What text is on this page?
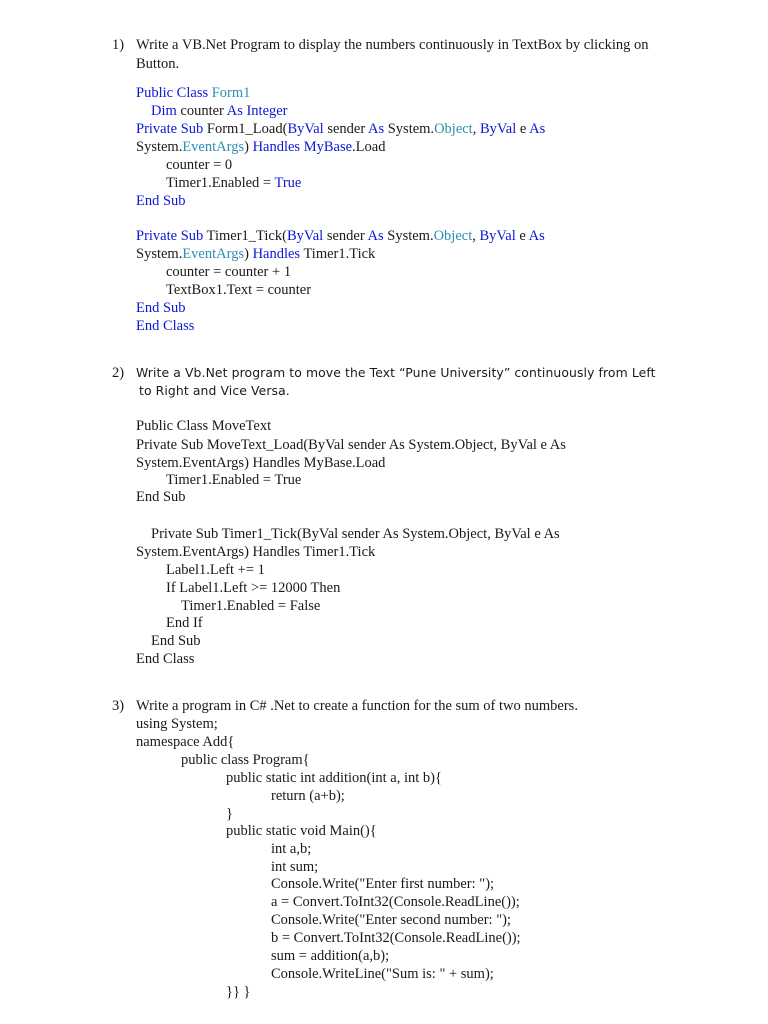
1) Write a VB.Net Program to display the numbers continuously in TextBox by clicking on
Button.
Public Class Form1
Dim counter As Integer
Private Sub Form1_Load(ByVal sender As System.Object, ByVal e As
System.EventArgs) Handles MyBase.Load
counter = 0
Timer1.Enabled = True
End Sub
Private Sub Timer1_Tick(ByVal sender As System.Object, ByVal e As
System.EventArgs) Handles Timer1.Tick
counter = counter + 1
TextBox1.Text = counter
End Sub
End Class
2) Write a Vb.Net program to move the Text “Pune University” continuously from Left
to Right and Vice Versa.
Public Class MoveText
Private Sub MoveText_Load(ByVal sender As System.Object, ByVal e As
System.EventArgs) Handles MyBase.Load
Timer1.Enabled = True
End Sub
Private Sub Timer1_Tick(ByVal sender As System.Object, ByVal e As
System.EventArgs) Handles Timer1.Tick
Label1.Left += 1
If Label1.Left >= 12000 Then
Timer1.Enabled = False
End If
End Sub
End Class
3) Write a program in C# .Net to create a function for the sum of two numbers.
using System;
namespace Add{
public class Program{
public static int addition(int a, int b){
return (a+b);
}
public static void Main(){
int a,b;
int sum;
Console.Write("Enter first number: ");
a = Convert.ToInt32(Console.ReadLine());
Console.Write("Enter second number: ");
b = Convert.ToInt32(Console.ReadLine());
sum = addition(a,b);
Console.WriteLine("Sum is: " + sum);
}} }
